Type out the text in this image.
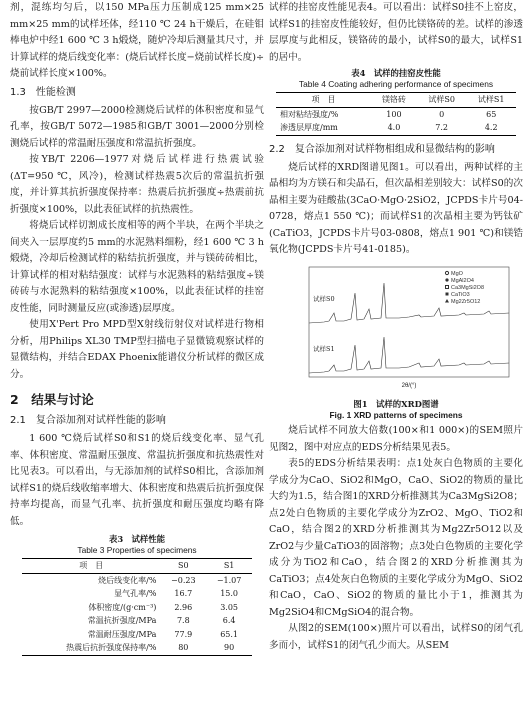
剂，混练均匀后，以150 MPa压力压制成125 mm×25 mm×25 mm的试样坯体，经110 ℃ 24 h干燥后，在硅钼棒电炉中经1 600 ℃ 3 h煅烧，随炉冷却后测量其尺寸，并计算试样的烧后线变化率：(烧后试样长度−烧前试样长度)÷烧前试样长度×100%。

1.3　性能检测

按GB/T 2997—2000检测烧后试样的体积密度和显气孔率，按GB/T 5072—1985和GB/T 3001—2000分别检测烧后试样的常温耐压强度和常温抗折强度。

按YB/T 2206—1977对烧后试样进行热震试验(ΔT=950 ℃，风冷)，检测试样热震5次后的常温抗折强度，并计算其抗折强度保持率：热震后抗折强度÷热震前抗折强度×100%，以此表征试样的抗热震性。

将烧后试样切割成长度相等的两个半块，在两个半块之间夹入一层厚度约5 mm的水泥熟料细粉，经1 600 ℃ 3 h煅烧，冷却后检测试样的粘结抗折强度，并与镁砖砖相比，计算试样的相对粘结强度：试样与水泥熟料的粘结强度÷镁砖砖与水泥熟料的粘结强度×100%，以此表征试样的挂窑皮性能，同时测量反应(或渗透)层厚度。

使用X'Pert Pro MPD型X射线衍射仪对试样进行物相分析，用Philips XL30 TMP型扫描电子显微镜观察试样的显微结构，并结合EDAX Phoenix能谱仪分析试样的微区成分。

2　结果与讨论
2.1　复合添加剂对试样性能的影响

1 600 ℃烧后试样S0和S1的烧后线变化率、显气孔率、体积密度、常温耐压强度、常温抗折强度和抗热震性对比见表3。可以看出，与无添加剂的试样S0相比，含添加剂试样S1的烧后线收缩率增大、体积密度和热震后抗折强度保持率均提高，而显气孔率、抗折强度和耐压强度均略有降低。

表3　试样性能
Table 3 Properties of specimens
项　目	S0	S1
烧后线变化率/%	−0.23	−1.07
显气孔率/%	16.7	15.0
体积密度/(g·cm⁻³)	2.96	3.05
常温抗折强度/MPa	7.8	6.4
常温耐压强度/MPa	77.9	65.1
热震后抗折强度保持率/%	80	90

试样的挂窑皮性能见表4。可以看出：试样S0挂不上窑皮，试样S1的挂窑皮性能较好，但仍比镁铬砖的差。试样的渗透层厚度与此相反，镁铬砖的最小，试样S0的最大，试样S1的居中。

表4　试样的挂窑皮性能
Table 4 Coating adhering performance of specimens
项　目	镁铬砖	试样S0	试样S1
相对粘结强度/%	100	0	65
渗透层厚度/mm	4.0	7.2	4.2
2.2　复合添加剂对试样物相组成和显微结构的影响

烧后试样的XRD图谱见图1。可以看出，两种试样的主晶相均为方镁石和尖晶石，但次晶相差别较大：试样S0的次晶相主要为硅酸盐(3CaO·MgO·2SiO2，JCPDS卡片号04-0728，熔点1 550 ℃)；而试样S1的次晶相主要为钙钛矿(CaTiO3，JCPDS卡片号03-0808，熔点1 901 ℃)和镁锆氧化物(JCPDS卡片号41-0185)。

MgO
MgAl2O4
Ca3MgSi2O8
CaTiO3
Mg2Zr5O12
试样S0
试样S1
2θ/(°)
图1　试样的XRD图谱
Fig. 1 XRD patterns of specimens

烧后试样不同放大倍数(100×和1 000×)的SEM照片见图2，图中对应点的EDS分析结果见表5。

表5的EDS分析结果表明：点1处灰白色物质的主要化学成分为CaO、SiO2和MgO，CaO、SiO2的物质的量比大约为1.5，结合图1的XRD分析推测其为Ca3MgSi2O8；点2处白色物质的主要化学成分为ZrO2、MgO、TiO2和CaO，结合图2的XRD分析推测其为Mg2Zr5O12以及ZrO2与少量CaTiO3的固溶物；点3处白色物质的主要化学成分为TiO2和CaO，结合图2的XRD分析推测其为CaTiO3；点4处灰白色物质的主要化学成分为MgO、SiO2和CaO，CaO、SiO2的物质的量比小于1，推测其为Mg2SiO4和CMgSiO4的混合物。

从图2的SEM(100×)照片可以看出，试样S0的闭气孔多而小，试样S1的闭气孔少而大。从SEM
